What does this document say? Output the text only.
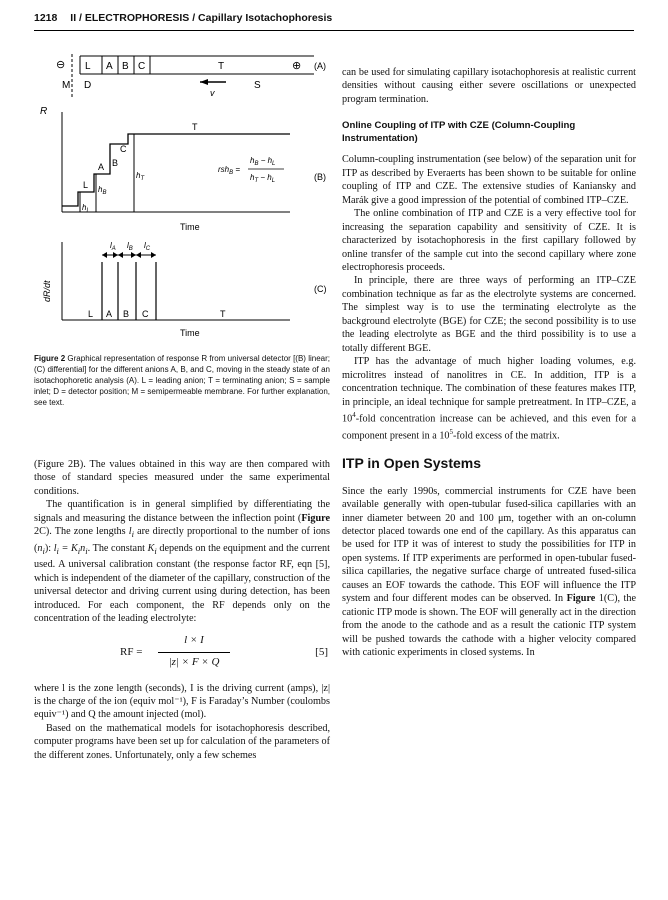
1218 II / ELECTROPHORESIS / Capillary Isotachophoresis
⊖ L A B C	T	⊕ (A)
M D
v
S
R
L
A B
C
T
$h_L$
$h_B$
$h_T$
rsh$_B$ =
$h_B - h_L$
$h_T - h_L$	(B)
Time
$l_A$ $l_B$ $l_C$
dR/dt
L A B C	T
(C)
Time
Figure 2 Graphical representation of response R from universal detector [(B) linear; (C) differential] for the different anions A, B, and C, moving in the steady state of an isotachophoretic analysis (A). L = leading anion; T = terminating anion; S = sample inlet; D = detector position; M = semipermeable membrane. For further explanation, see text.

(Figure 2B). The values obtained in this way are then compared with those of standard species measured under the same experimental conditions.

The quantification is in general simplified by differentiating the signals and measuring the distance between the inflection point (Figure 2C). The zone lengths $l_i$ are directly proportional to the number of ions $(n_i)$: $l_i = K_in_i$. The constant $K_i$ depends on the equipment and the current used. A universal calibration constant (the response factor RF, eqn [5], which is independent of the diameter of the capillary, construction of the universal detector and driving current using during detection, has been introduced. For each component, the RF depends only on the concentration of the leading electrolyte:

RF =
l × I
|z| × F × Q
[5]

where l is the zone length (seconds), I is the driving current (amps), |z| is the charge of the ion (equiv mol⁻¹), F is Faraday’s Number (coulombs equiv⁻¹) and Q the amount injected (mol).

Based on the mathematical models for isotachophoresis described, computer programs have been set up for calculation of the parameters of the different zones. Unfortunately, only a few schemes

can be used for simulating capillary isotachophoresis at realistic current densities without causing either severe oscillations or unexpected program termination.

Online Coupling of ITP with CZE (Column-Coupling Instrumentation)

Column-coupling instrumentation (see below) of the separation unit for ITP as described by Everaerts has been shown to be suitable for online coupling of ITP and CZE. The extensive studies of Kaniansky and Marák give a good impression of the potential of combined ITP–CZE.

The online combination of ITP and CZE is a very effective tool for increasing the separation capability and sensitivity of CZE. It is characterized by isotachophoresis in the first capillary followed by online transfer of the sample cut into the second capillary where zone electrophoresis proceeds.

In principle, there are three ways of performing an ITP–CZE combination technique as far as the electrolyte systems are concerned. The simplest way is to use the terminating electrolyte as the background electrolyte (BGE) for CZE; the second possibility is to use the leading electrolyte as BGE and the third possibility is to use a totally different BGE.

ITP has the advantage of much higher loading volumes, e.g. microlitres instead of nanolitres in CE. In addition, ITP is a concentration technique. The combination of these features makes ITP, in principle, an ideal technique for sample pretreatment. In ITP–CZE, a $10^4$-fold concentration increase can be achieved, and this even for a component present in a $10^5$-fold excess of the matrix.

ITP in Open Systems

Since the early 1990s, commercial instruments for CZE have been available generally with open-tubular fused-silica capillaries with an inner diameter between 20 and 100 μm, together with an on-column detector placed towards one end of the capillary. As this apparatus can be used for ITP it was of interest to study the possibilities for ITP in open systems. If ITP experiments are performed in open-tubular fused-silica capillaries, the negative surface charge of untreated fused-silica causes an EOF towards the cathode. This EOF will influence the ITP system and four different modes can be observed. In Figure 1(C), the cationic ITP mode is shown. The EOF will generally act in the direction from the anode to the cathode and as a result the cationic ITP system will be pushed towards the cathode with a higher velocity compared with cationic experiments in closed systems. In
